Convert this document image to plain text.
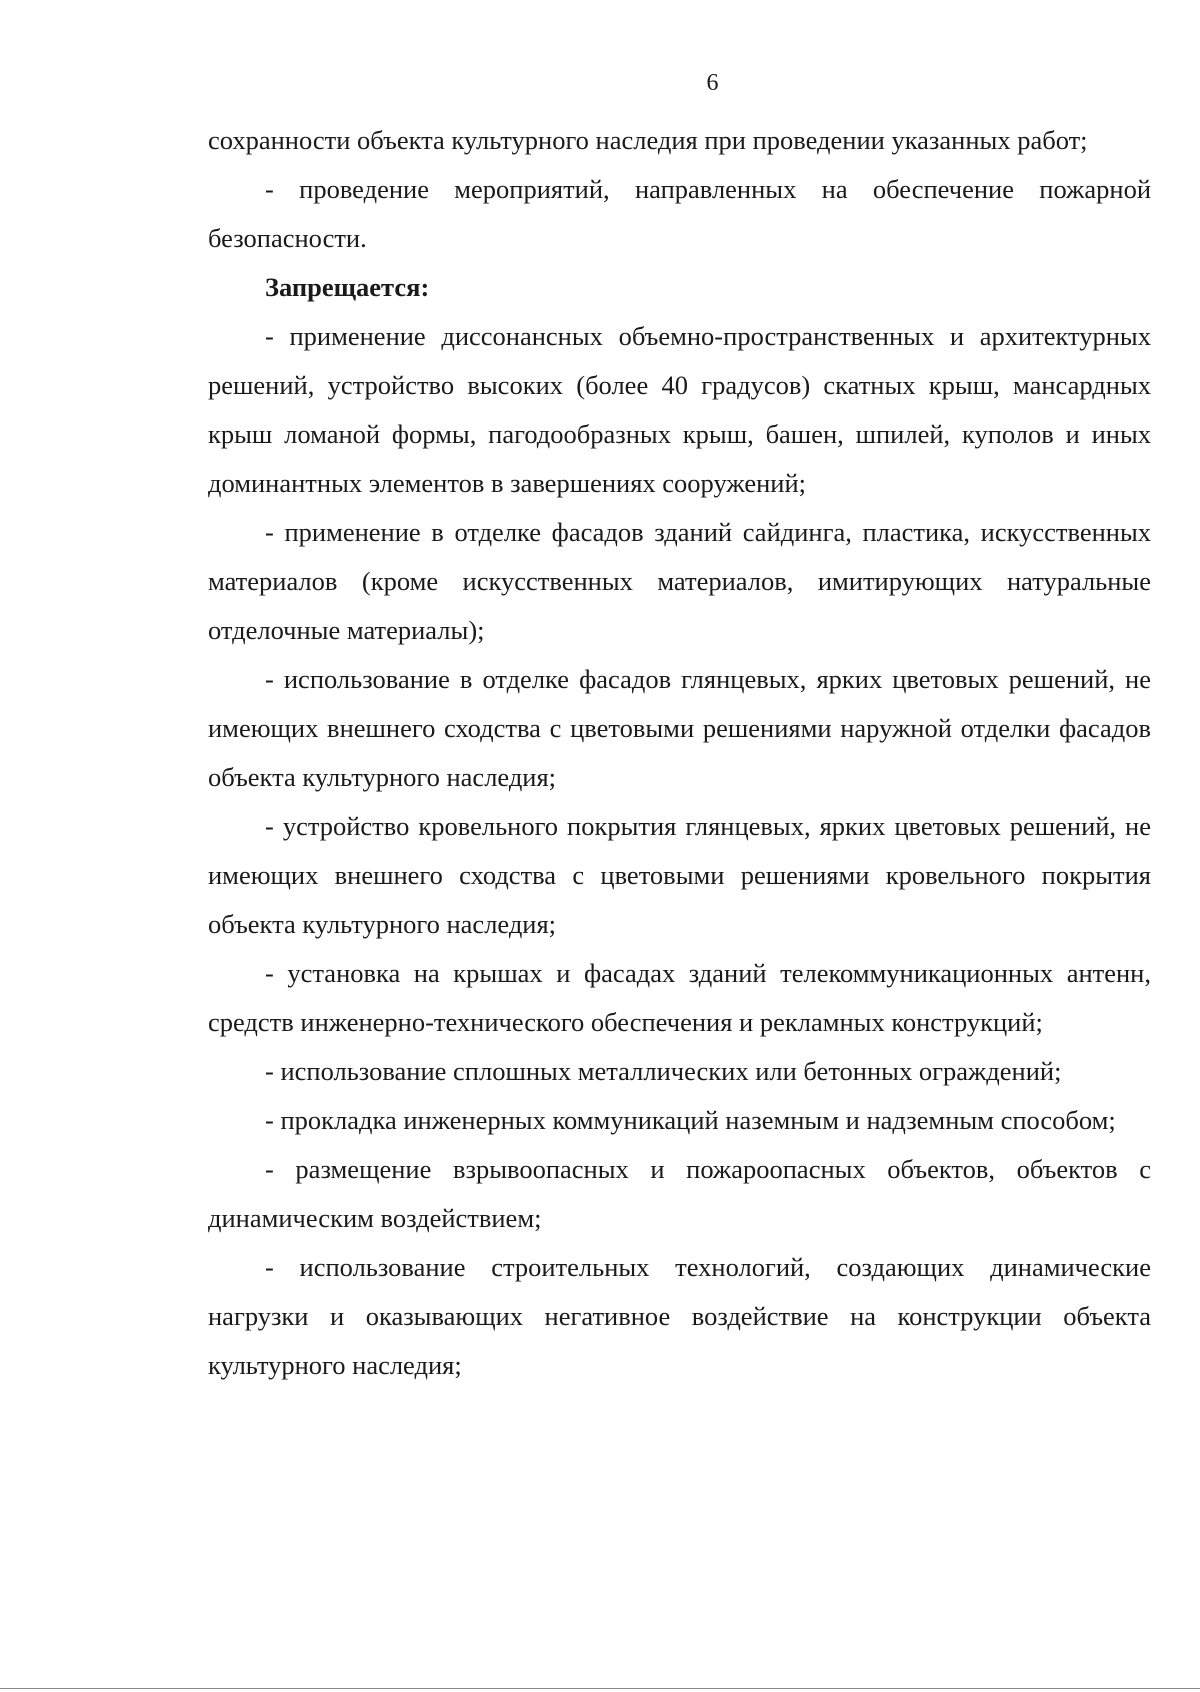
6

сохранности объекта культурного наследия при проведении указанных работ;

- проведение мероприятий, направленных на обеспечение пожарной безопасности.

Запрещается:

- применение диссонансных объемно-пространственных и архитектурных решений, устройство высоких (более 40 градусов) скатных крыш, мансардных крыш ломаной формы, пагодообразных крыш, башен, шпилей, куполов и иных доминантных элементов в завершениях сооружений;

- применение в отделке фасадов зданий сайдинга, пластика, искусственных материалов (кроме искусственных материалов, имитирующих натуральные отделочные материалы);

- использование в отделке фасадов глянцевых, ярких цветовых решений, не имеющих внешнего сходства с цветовыми решениями наружной отделки фасадов объекта культурного наследия;

- устройство кровельного покрытия глянцевых, ярких цветовых решений, не имеющих внешнего сходства с цветовыми решениями кровельного покрытия объекта культурного наследия;

- установка на крышах и фасадах зданий телекоммуникационных антенн, средств инженерно-технического обеспечения и рекламных конструкций;

- использование сплошных металлических или бетонных ограждений;

- прокладка инженерных коммуникаций наземным и надземным способом;

- размещение взрывоопасных и пожароопасных объектов, объектов с динамическим воздействием;

- использование строительных технологий, создающих динамические нагрузки и оказывающих негативное воздействие на конструкции объекта культурного наследия;
